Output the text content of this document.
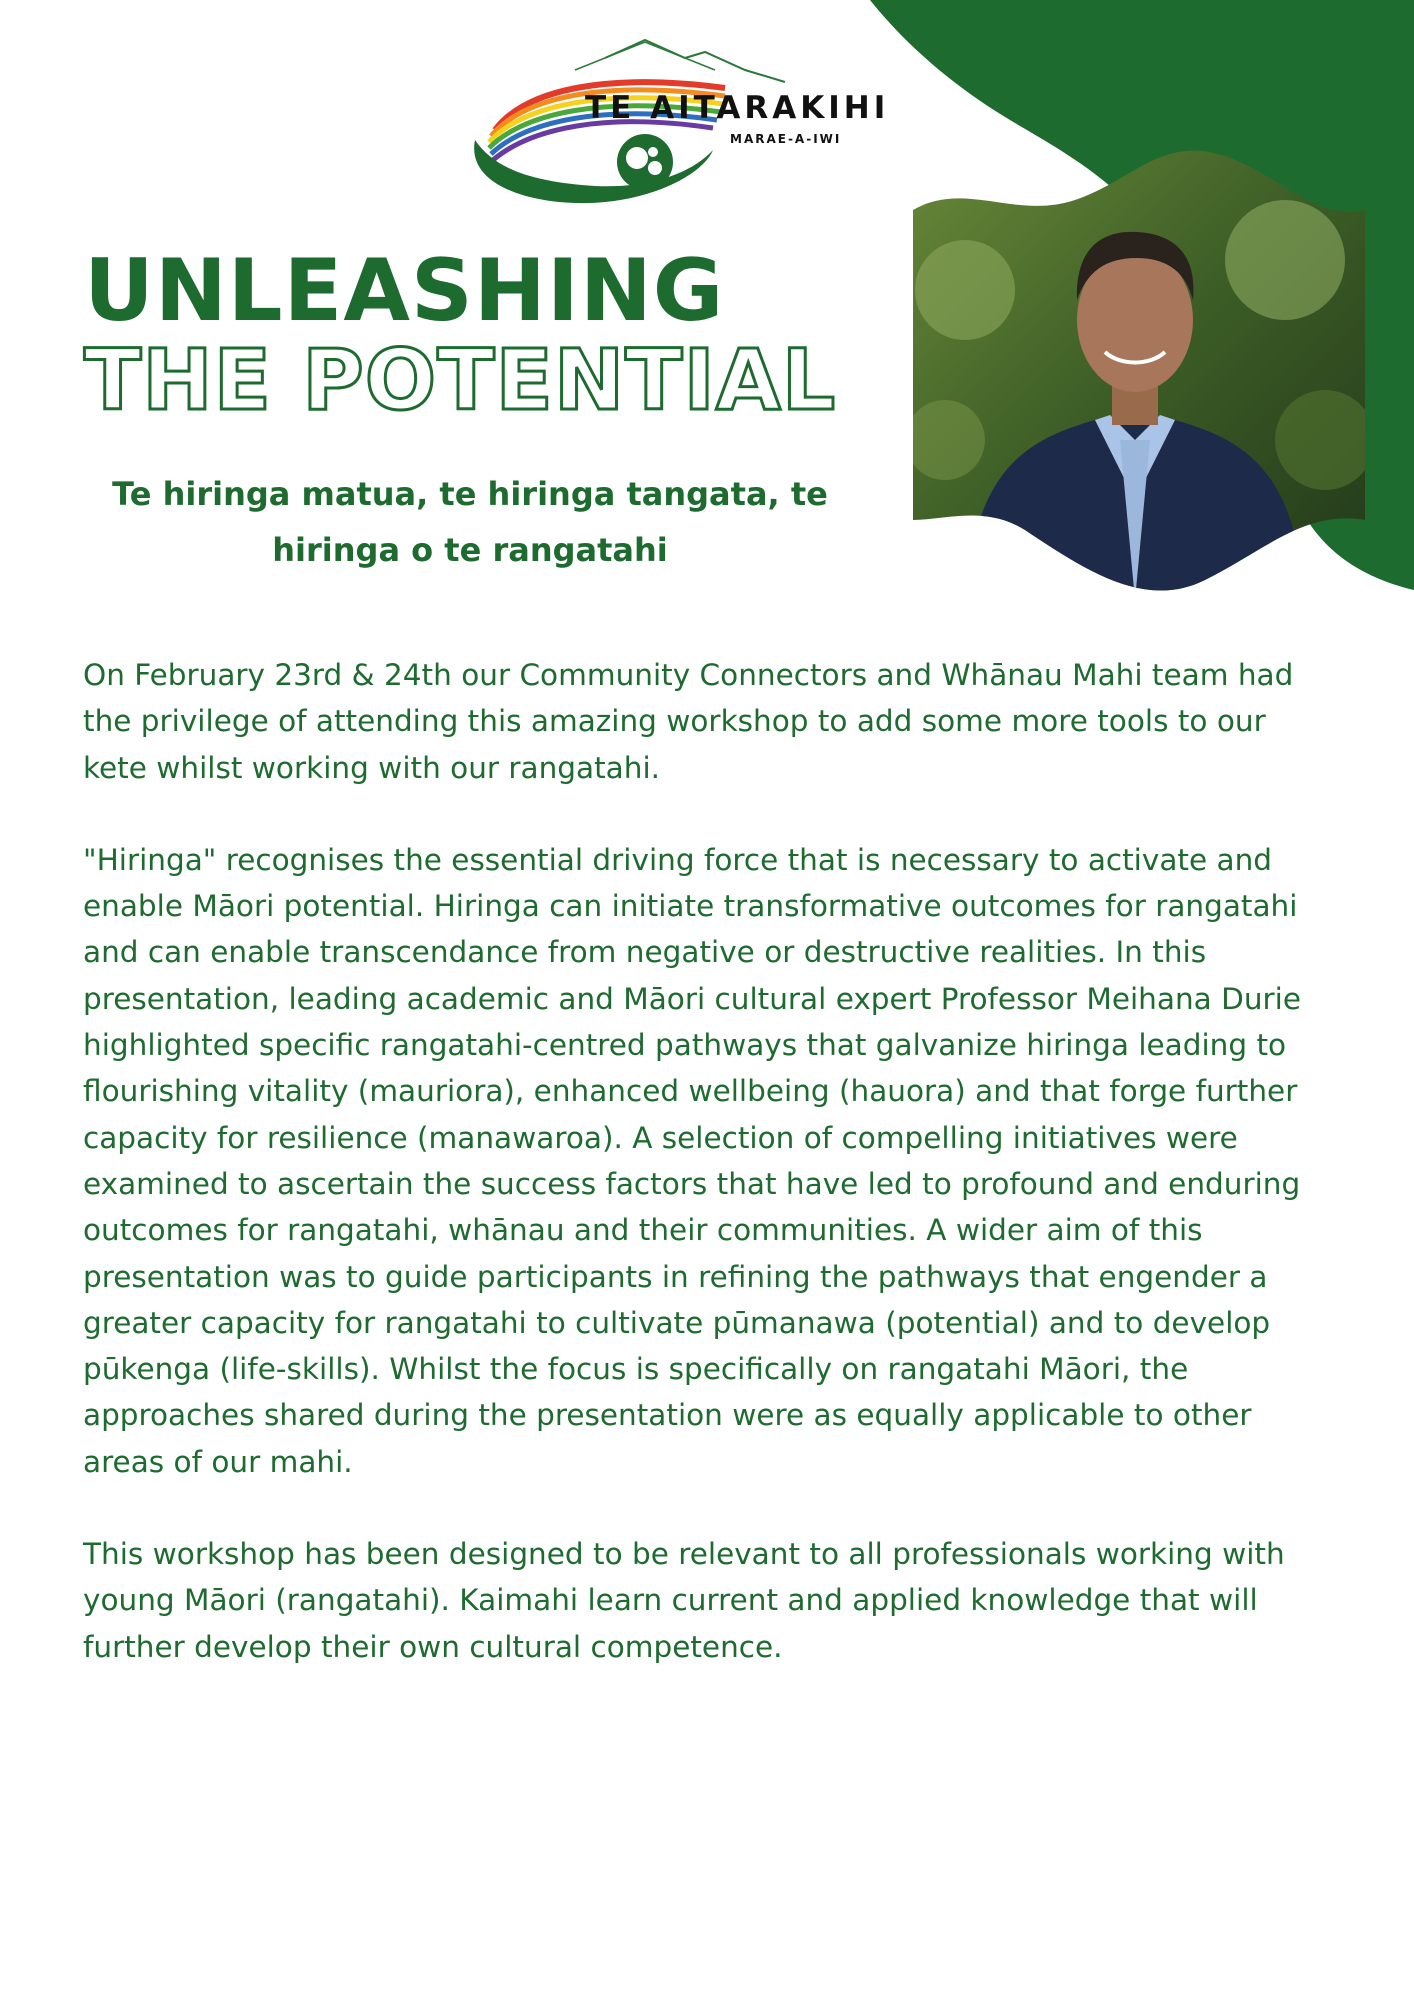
TE AITARAKIHI
MARAE-A-IWI
UNLEASHING
THE POTENTIAL
Te hiringa matua, te hiringa tangata, te
hiringa o te rangatahi

On February 23rd & 24th our Community Connectors and Whānau Mahi team had the privilege of attending this amazing workshop to add some more tools to our kete whilst working with our rangatahi.

"Hiringa" recognises the essential driving force that is necessary to activate and enable Māori potential. Hiringa can initiate transformative outcomes for rangatahi and can enable transcendance from negative or destructive realities. In this presentation, leading academic and Māori cultural expert Professor Meihana Durie highlighted specific rangatahi-centred pathways that galvanize hiringa leading to flourishing vitality (mauriora), enhanced wellbeing (hauora) and that forge further capacity for resilience (manawaroa). A selection of compelling initiatives were examined to ascertain the success factors that have led to profound and enduring outcomes for rangatahi, whānau and their communities. A wider aim of this presentation was to guide participants in refining the pathways that engender a greater capacity for rangatahi to cultivate pūmanawa (potential) and to develop pūkenga (life-skills). Whilst the focus is specifically on rangatahi Māori, the approaches shared during the presentation were as equally applicable to other areas of our mahi.

This workshop has been designed to be relevant to all professionals working with young Māori (rangatahi). Kaimahi learn current and applied knowledge that will further develop their own cultural competence.
